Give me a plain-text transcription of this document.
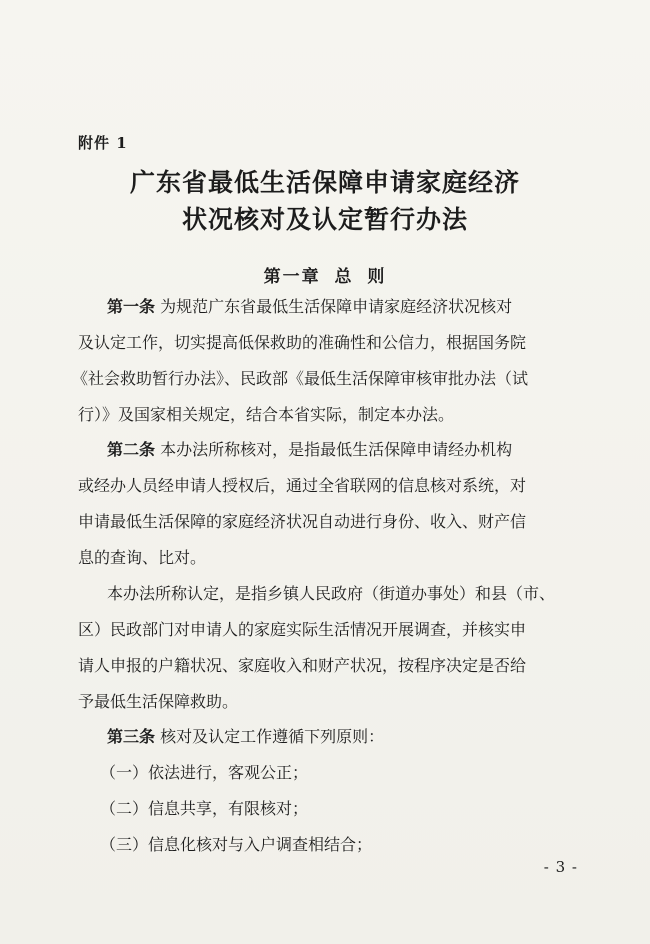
附件 1
广东省最低生活保障申请家庭经济
状况核对及认定暂行办法
第一章 总 则
第一条 为规范广东省最低生活保障申请家庭经济状况核对
及认定工作，切实提高低保救助的准确性和公信力，根据国务院
《社会救助暂行办法》、民政部《最低生活保障审核审批办法（试
行）》及国家相关规定，结合本省实际，制定本办法。
第二条 本办法所称核对，是指最低生活保障申请经办机构
或经办人员经申请人授权后，通过全省联网的信息核对系统，对
申请最低生活保障的家庭经济状况自动进行身份、收入、财产信
息的查询、比对。
本办法所称认定，是指乡镇人民政府（街道办事处）和县（市、
区）民政部门对申请人的家庭实际生活情况开展调查，并核实申
请人申报的户籍状况、家庭收入和财产状况，按程序决定是否给
予最低生活保障救助。
第三条 核对及认定工作遵循下列原则：
（一）依法进行，客观公正；
（二）信息共享，有限核对；
（三）信息化核对与入户调查相结合；
- 3 -
